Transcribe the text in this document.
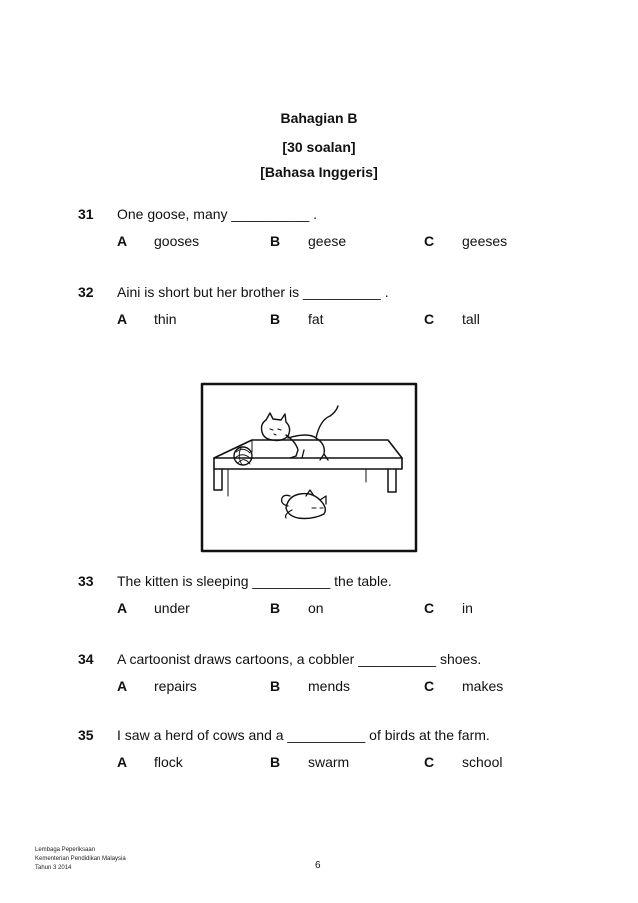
Bahagian B
[30 soalan]
[Bahasa Inggeris]
31 One goose, many __________ .
A gooses	B geese	C geeses
32 Aini is short but her brother is __________ .
A thin	B fat	C tall
33 The kitten is sleeping __________ the table.
A under	B on	C in
34 A cartoonist draws cartoons, a cobbler __________ shoes.
A repairs	B mends	C makes
35 I saw a herd of cows and a __________ of birds at the farm.
A flock	B swarm	C school
Lembaga Peperiksaan
Kementerian Pendidikan Malaysia
Tahun 3 2014	6
